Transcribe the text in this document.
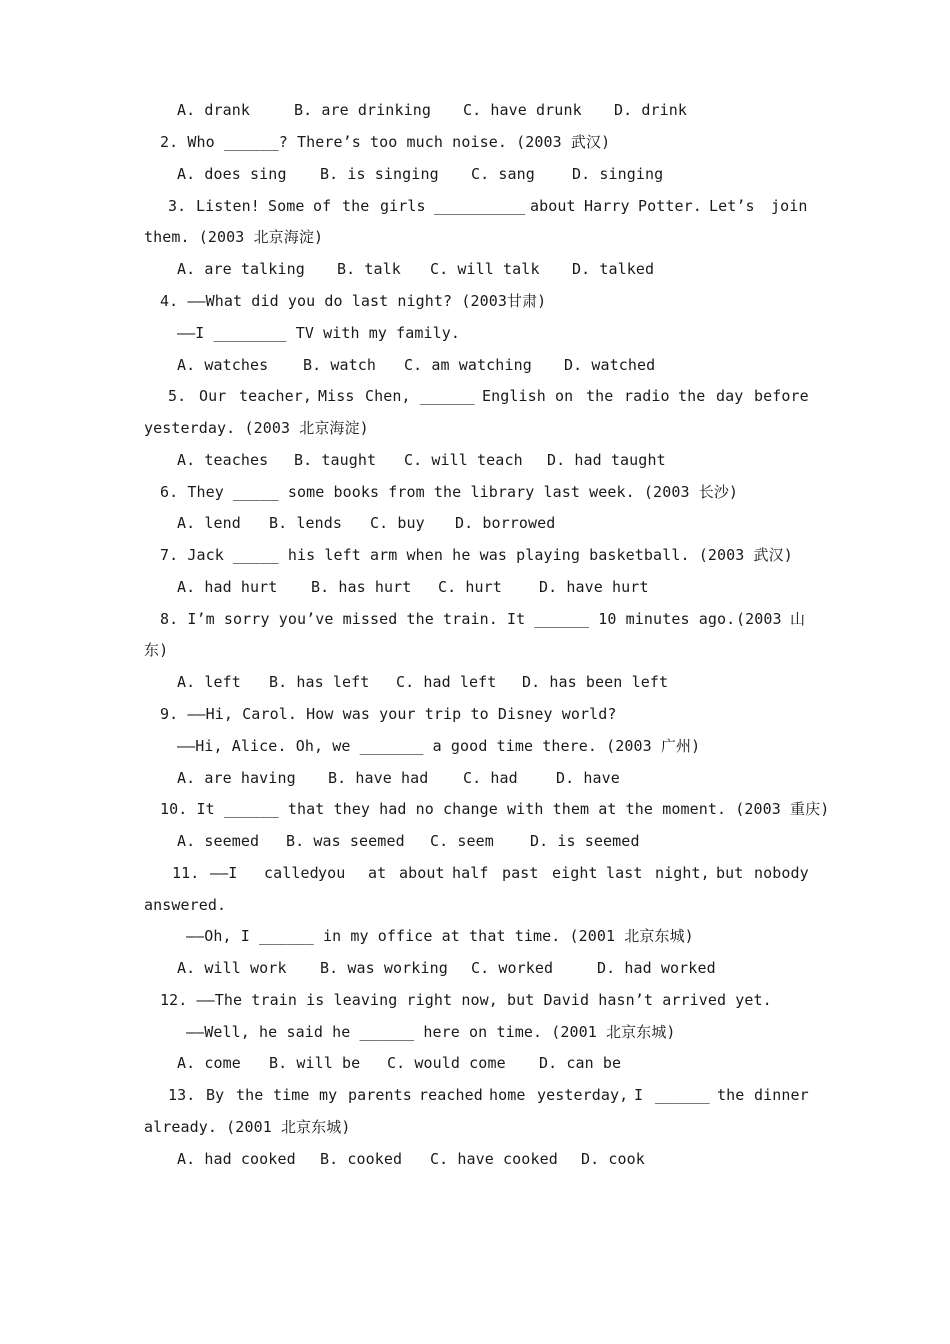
A. drank	B. are drinking C. have drunk D. drink
2. Who ______? There’s too much noise. (2003 武汉)
A. does sing B. is singing C. sang D. singing
3. Listen! Some of the girls __________ about Harry Potter. Let’s join
them. (2003 北京海淀)
A. are talking B. talk C. will talk D. talked
4. ——What did you do last night? (2003甘肃)
——I ________ TV with my family.
A. watches B. watch C. am watching D. watched
5. Our teacher, Miss Chen, ______ English on the radio the day before
yesterday. (2003 北京海淀)
A. teaches B. taught C. will teach D. had taught
6. They _____ some books from the library last week. (2003 长沙)
A. lend B. lends C. buy D. borrowed
7. Jack _____ his left arm when he was playing basketball. (2003 武汉)
A. had hurt B. has hurt C. hurt D. have hurt
8. I’m sorry you’ve missed the train. It ______ 10 minutes ago. (2003 山
东)
A. left B. has left C. had left D. has been left
9. ——Hi, Carol. How was your trip to Disney world?
——Hi, Alice. Oh, we _______ a good time there. (2003 广州)
A. are having B. have had C. had	D. have
10. It ______ that they had no change with them at the moment. (2003 重庆)
A. seemed B. was seemed C. seem D. is seemed
11. ——I called you at about half past eight last night, but nobody
answered.
——Oh, I ______ in my office at that time. (2001 北京东城)
A. will work B. was working C. worked	D. had worked
12. ——The train is leaving right now, but David hasn’t arrived yet.
——Well, he said he ______ here on time. (2001 北京东城)
A. come B. will be C. would come D. can be
13. By the time my parents reached home yesterday, I ______ the dinner
already. (2001 北京东城)
A. had cooked B. cooked C. have cooked D. cook
